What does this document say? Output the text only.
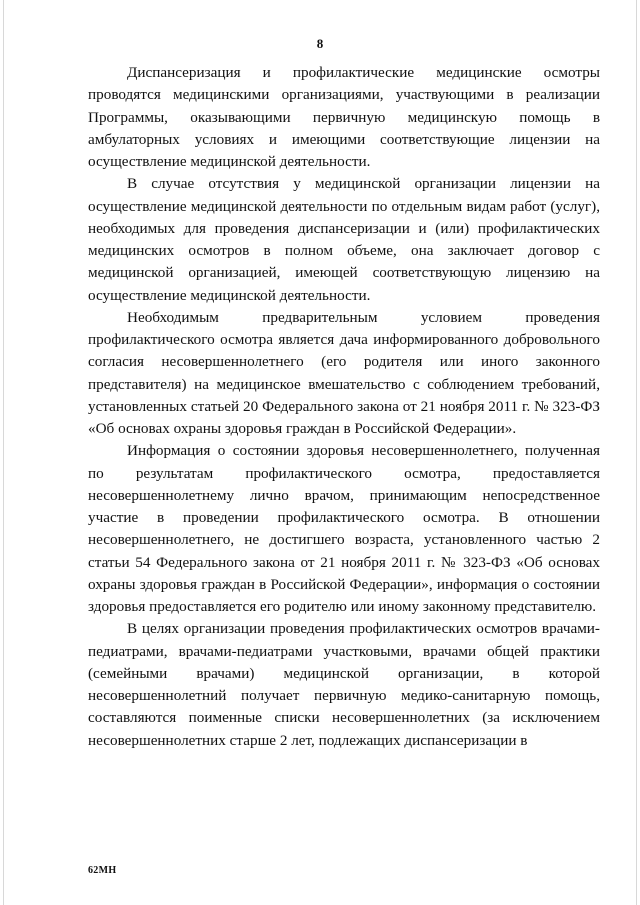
8

Диспансеризация и профилактические медицинские осмотры проводятся медицинскими организациями, участвующими в реализации Программы, оказывающими первичную медицинскую помощь в амбулаторных условиях и имеющими соответствующие лицензии на осуществление медицинской деятельности.

В случае отсутствия у медицинской организации лицензии на осуществление медицинской деятельности по отдельным видам работ (услуг), необходимых для проведения диспансеризации и (или) профилактических медицинских осмотров в полном объеме, она заключает договор с медицинской организацией, имеющей соответствующую лицензию на осуществление медицинской деятельности.

Необходимым предварительным условием проведения профилактического осмотра является дача информированного добровольного согласия несовершеннолетнего (его родителя или иного законного представителя) на медицинское вмешательство с соблюдением требований, установленных статьей 20 Федерального закона от 21 ноября 2011 г. № 323-ФЗ «Об основах охраны здоровья граждан в Российской Федерации».

Информация о состоянии здоровья несовершеннолетнего, полученная по результатам профилактического осмотра, предоставляется несовершеннолетнему лично врачом, принимающим непосредственное участие в проведении профилактического осмотра. В отношении несовершеннолетнего, не достигшего возраста, установленного частью 2 статьи 54 Федерального закона от 21 ноября 2011 г. № 323-ФЗ «Об основах охраны здоровья граждан в Российской Федерации», информация о состоянии здоровья предоставляется его родителю или иному законному представителю.

В целях организации проведения профилактических осмотров врачами-педиатрами, врачами-педиатрами участковыми, врачами общей практики (семейными врачами) медицинской организации, в которой несовершеннолетний получает первичную медико-санитарную помощь, составляются поименные списки несовершеннолетних (за исключением несовершеннолетних старше 2 лет, подлежащих диспансеризации в

62МН
